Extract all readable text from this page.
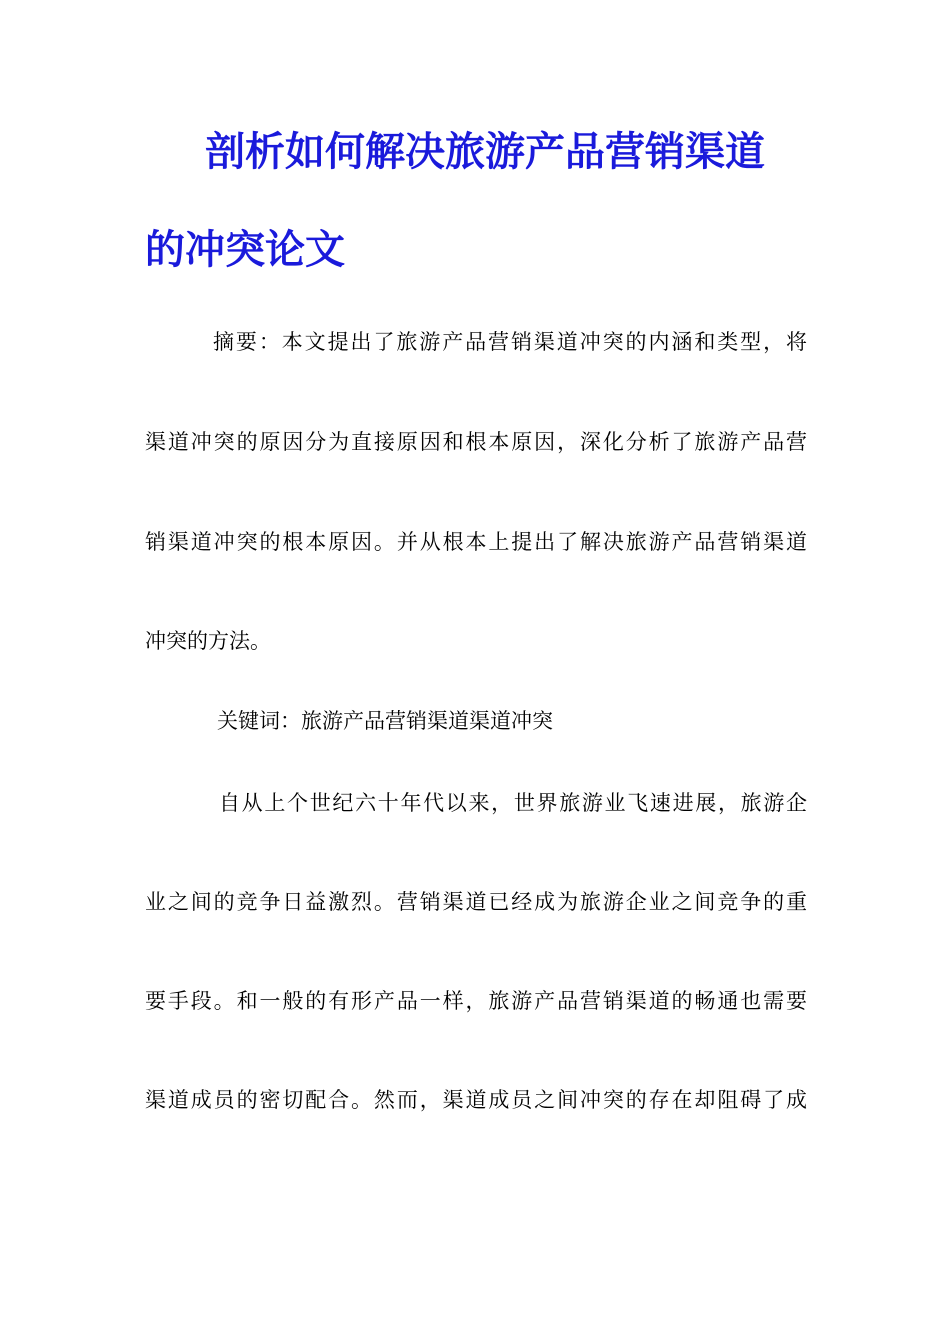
剖析如何解决旅游产品营销渠道
的冲突论文

摘要：本文提出了旅游产品营销渠道冲突的内涵和类型，将

渠道冲突的原因分为直接原因和根本原因，深化分析了旅游产品营

销渠道冲突的根本原因。并从根本上提出了解决旅游产品营销渠道

冲突的方法。

关键词：旅游产品营销渠道渠道冲突

自从上个世纪六十年代以来，世界旅游业飞速进展，旅游企

业之间的竞争日益激烈。营销渠道已经成为旅游企业之间竞争的重

要手段。和一般的有形产品一样，旅游产品营销渠道的畅通也需要

渠道成员的密切配合。然而，渠道成员之间冲突的存在却阻碍了成
